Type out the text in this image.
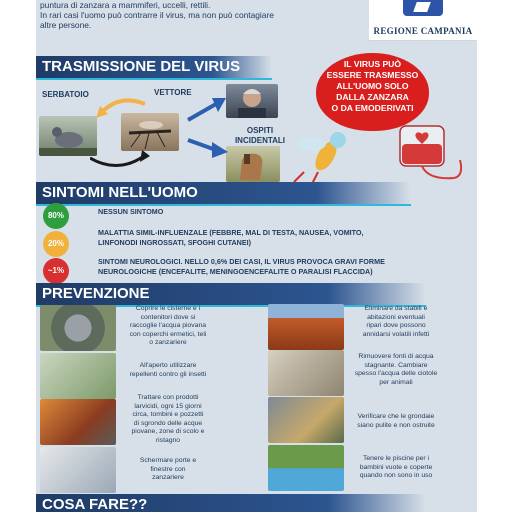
puntura di zanzara a mammiferi, uccelli, rettili.
In rari casi l'uomo può contrarre il virus, ma non può contagiare
altre persone.
REGIONE CAMPANIA
TRASMISSIONE DEL VIRUS
SERBATOIO	VETTORE
OSPITI
INCIDENTALI
IL VIRUS PUÒ
ESSERE TRASMESSO
ALL'UOMO SOLO
DALLA ZANZARA
O DA EMODERIVATI
SINTOMI NELL'UOMO
80%	NESSUN SINTOMO
20%
MALATTIA SIMIL-INFLUENZALE (FEBBRE, MAL DI TESTA, NAUSEA, VOMITO,
LINFONODI INGROSSATI, SFOGHI CUTANEI)
~1%
SINTOMI NEUROLOGICI. NELLO 0,6% DEI CASI, IL VIRUS PROVOCA GRAVI FORME
NEUROLOGICHE (ENCEFALITE, MENINGOENCEFALITE O PARALISI FLACCIDA)
PREVENZIONE
Coprire le cisterne e i
contenitori dove si
raccoglie l'acqua piovana
con coperchi ermetici, teli
o zanzariere
All'aperto utilizzare
repellenti contro gli insetti
Trattare con prodotti
larvicidi, ogni 15 giorni
circa, tombini e pozzetti
di sgrondo delle acque
piovane, zone di scolo e
ristagno
Schermare porte e
finestre con
zanzariere
Eliminare da stabili e
abitazioni eventuali
ripari dove possono
annidarsi volatili infetti
Rimuovere fonti di acqua
stagnante. Cambiare
spesso l'acqua delle ciotole
per animali
Verificare che le grondaie
siano pulite e non ostruite
Tenere le piscine per i
bambini vuote e coperte
quando non sono in uso
COSA FARE??
